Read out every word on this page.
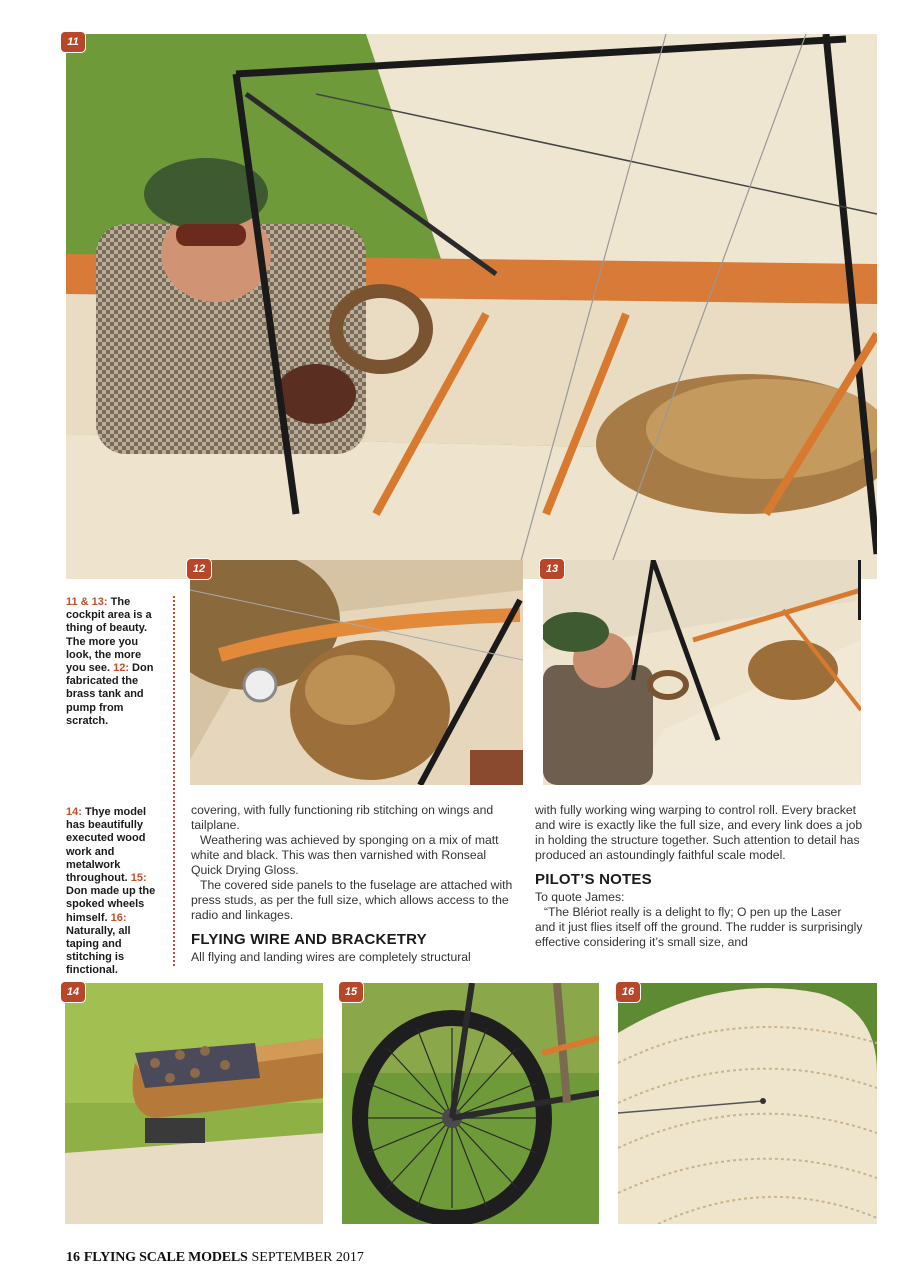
11
12	13
11 & 13: The cockpit area is a thing of beauty. The more you look, the more you see. 12: Don fabricated the brass tank and pump from scratch.
14: Thye model has beautifully executed wood work and metalwork throughout. 15: Don made up the spoked wheels himself. 16: Naturally, all taping and stitching is finctional.

covering, with fully functioning rib stitching on wings and tailplane.

Weathering was achieved by sponging on a mix of matt white and black. This was then varnished with Ronseal Quick Drying Gloss.

The covered side panels to the fuselage are attached with press studs, as per the full size, which allows access to the radio and linkages.

FLYING WIRE AND BRACKETRY

All flying and landing wires are completely structural

with fully working wing warping to control roll. Every bracket and wire is exactly like the full size, and every link does a job in holding the structure together. Such attention to detail has produced an astoundingly faithful scale model.

PILOT’S NOTES

To quote James:

“The Blériot really is a delight to fly; O pen up the Laser and it just flies itself off the ground. The rudder is surprisingly effective considering it’s small size, and

14	15	16
16 FLYING SCALE MODELS SEPTEMBER 2017
